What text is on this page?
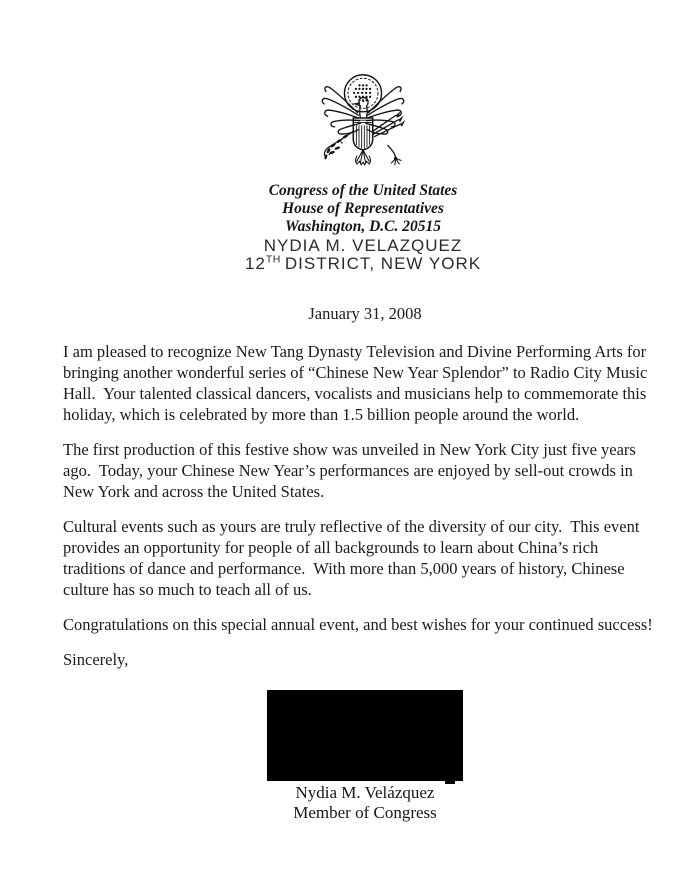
Congress of the United States
House of Representatives
Washington, D.C. 20515
NYDIA M. VELAZQUEZ
12TH DISTRICT, NEW YORK
January 31, 2008
I am pleased to recognize New Tang Dynasty Television and Divine Performing Arts for
bringing another wonderful series of “Chinese New Year Splendor” to Radio City Music
Hall.  Your talented classical dancers, vocalists and musicians help to commemorate this
holiday, which is celebrated by more than 1.5 billion people around the world.
The first production of this festive show was unveiled in New York City just five years
ago.  Today, your Chinese New Year’s performances are enjoyed by sell-out crowds in
New York and across the United States.
Cultural events such as yours are truly reflective of the diversity of our city.  This event
provides an opportunity for people of all backgrounds to learn about China’s rich
traditions of dance and performance.  With more than 5,000 years of history, Chinese
culture has so much to teach all of us.
Congratulations on this special annual event, and best wishes for your continued success!
Sincerely,
Nydia M. Velázquez
Member of Congress
